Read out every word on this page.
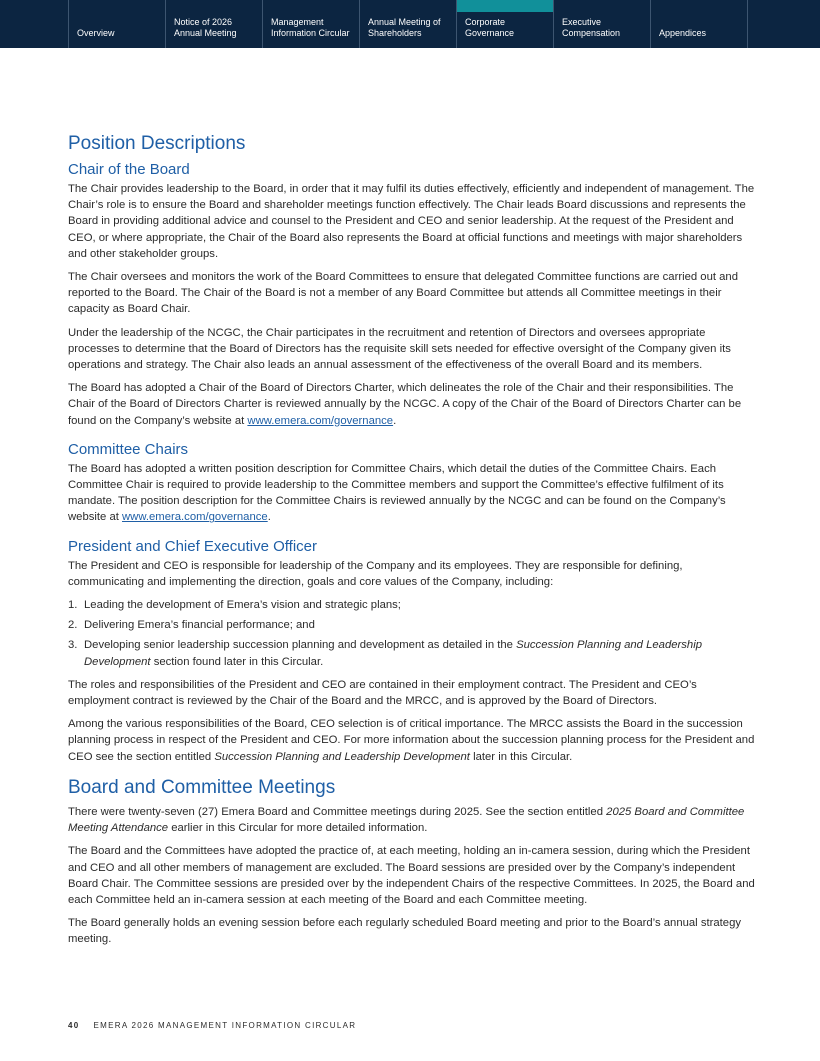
Overview
Notice of 2026
Annual Meeting
Management
Information Circular
Annual Meeting of
Shareholders
Corporate
Governance
Executive
Compensation	Appendices
Position Descriptions
Chair of the Board

The Chair provides leadership to the Board, in order that it may fulfil its duties effectively, efficiently and independent of management. The Chair’s role is to ensure the Board and shareholder meetings function effectively. The Chair leads Board discussions and represents the Board in providing additional advice and counsel to the President and CEO and senior leadership. At the request of the President and CEO, or where appropriate, the Chair of the Board also represents the Board at official functions and meetings with major shareholders and other stakeholder groups.

The Chair oversees and monitors the work of the Board Committees to ensure that delegated Committee functions are carried out and reported to the Board. The Chair of the Board is not a member of any Board Committee but attends all Committee meetings in their capacity as Board Chair.

Under the leadership of the NCGC, the Chair participates in the recruitment and retention of Directors and oversees appropriate processes to determine that the Board of Directors has the requisite skill sets needed for effective oversight of the Company given its operations and strategy. The Chair also leads an annual assessment of the effectiveness of the overall Board and its members.

The Board has adopted a Chair of the Board of Directors Charter, which delineates the role of the Chair and their responsibilities. The Chair of the Board of Directors Charter is reviewed annually by the NCGC. A copy of the Chair of the Board of Directors Charter can be found on the Company’s website at www.emera.com/governance.

Committee Chairs

The Board has adopted a written position description for Committee Chairs, which detail the duties of the Committee Chairs. Each Committee Chair is required to provide leadership to the Committee members and support the Committee’s effective fulfilment of its mandate. The position description for the Committee Chairs is reviewed annually by the NCGC and can be found on the Company’s website at www.emera.com/governance.

President and Chief Executive Officer

The President and CEO is responsible for leadership of the Company and its employees. They are responsible for defining, communicating and implementing the direction, goals and core values of the Company, including:

1. Leading the development of Emera’s vision and strategic plans;
2. Delivering Emera’s financial performance; and
3. Developing senior leadership succession planning and development as detailed in the Succession Planning and Leadership Development section found later in this Circular.

The roles and responsibilities of the President and CEO are contained in their employment contract. The President and CEO’s employment contract is reviewed by the Chair of the Board and the MRCC, and is approved by the Board of Directors.

Among the various responsibilities of the Board, CEO selection is of critical importance. The MRCC assists the Board in the succession planning process in respect of the President and CEO. For more information about the succession planning process for the President and CEO see the section entitled Succession Planning and Leadership Development later in this Circular.

Board and Committee Meetings

There were twenty-seven (27) Emera Board and Committee meetings during 2025. See the section entitled 2025 Board and Committee Meeting Attendance earlier in this Circular for more detailed information.

The Board and the Committees have adopted the practice of, at each meeting, holding an in-camera session, during which the President and CEO and all other members of management are excluded. The Board sessions are presided over by the Company’s independent Board Chair. The Committee sessions are presided over by the independent Chairs of the respective Committees. In 2025, the Board and each Committee held an in-camera session at each meeting of the Board and each Committee meeting.

The Board generally holds an evening session before each regularly scheduled Board meeting and prior to the Board’s annual strategy meeting.

40 EMERA 2026 MANAGEMENT INFORMATION CIRCULAR
